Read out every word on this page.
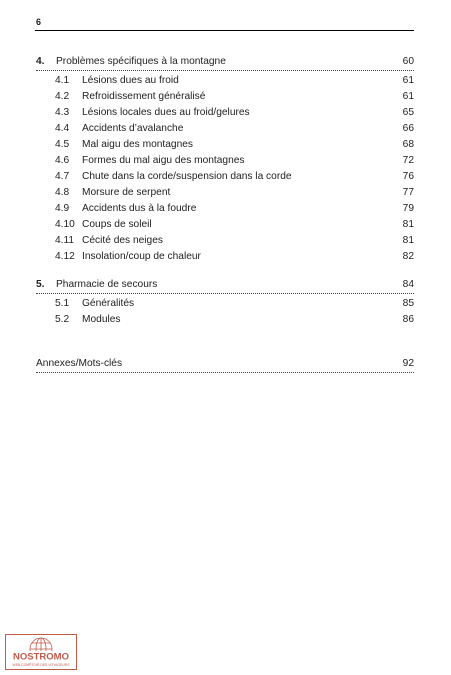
6
4. Problèmes spécifiques à la montagne	60
4.1 Lésions dues au froid	61
4.2 Refroidissement généralisé	61
4.3 Lésions locales dues au froid/gelures	65
4.4 Accidents d’avalanche	66
4.5 Mal aigu des montagnes	68
4.6 Formes du mal aigu des montagnes	72
4.7 Chute dans la corde/suspension dans la corde	76
4.8 Morsure de serpent	77
4.9 Accidents dus à la foudre	79
4.10 Coups de soleil	81
4.11 Cécité des neiges	81
4.12 Insolation/coup de chaleur	82
5. Pharmacie de secours	84
5.1 Généralités	85
5.2 Modules	86
Annexes/Mots-clés	92
NOSTROMO
WEB COMPTOIR DES VOYAGEURS
